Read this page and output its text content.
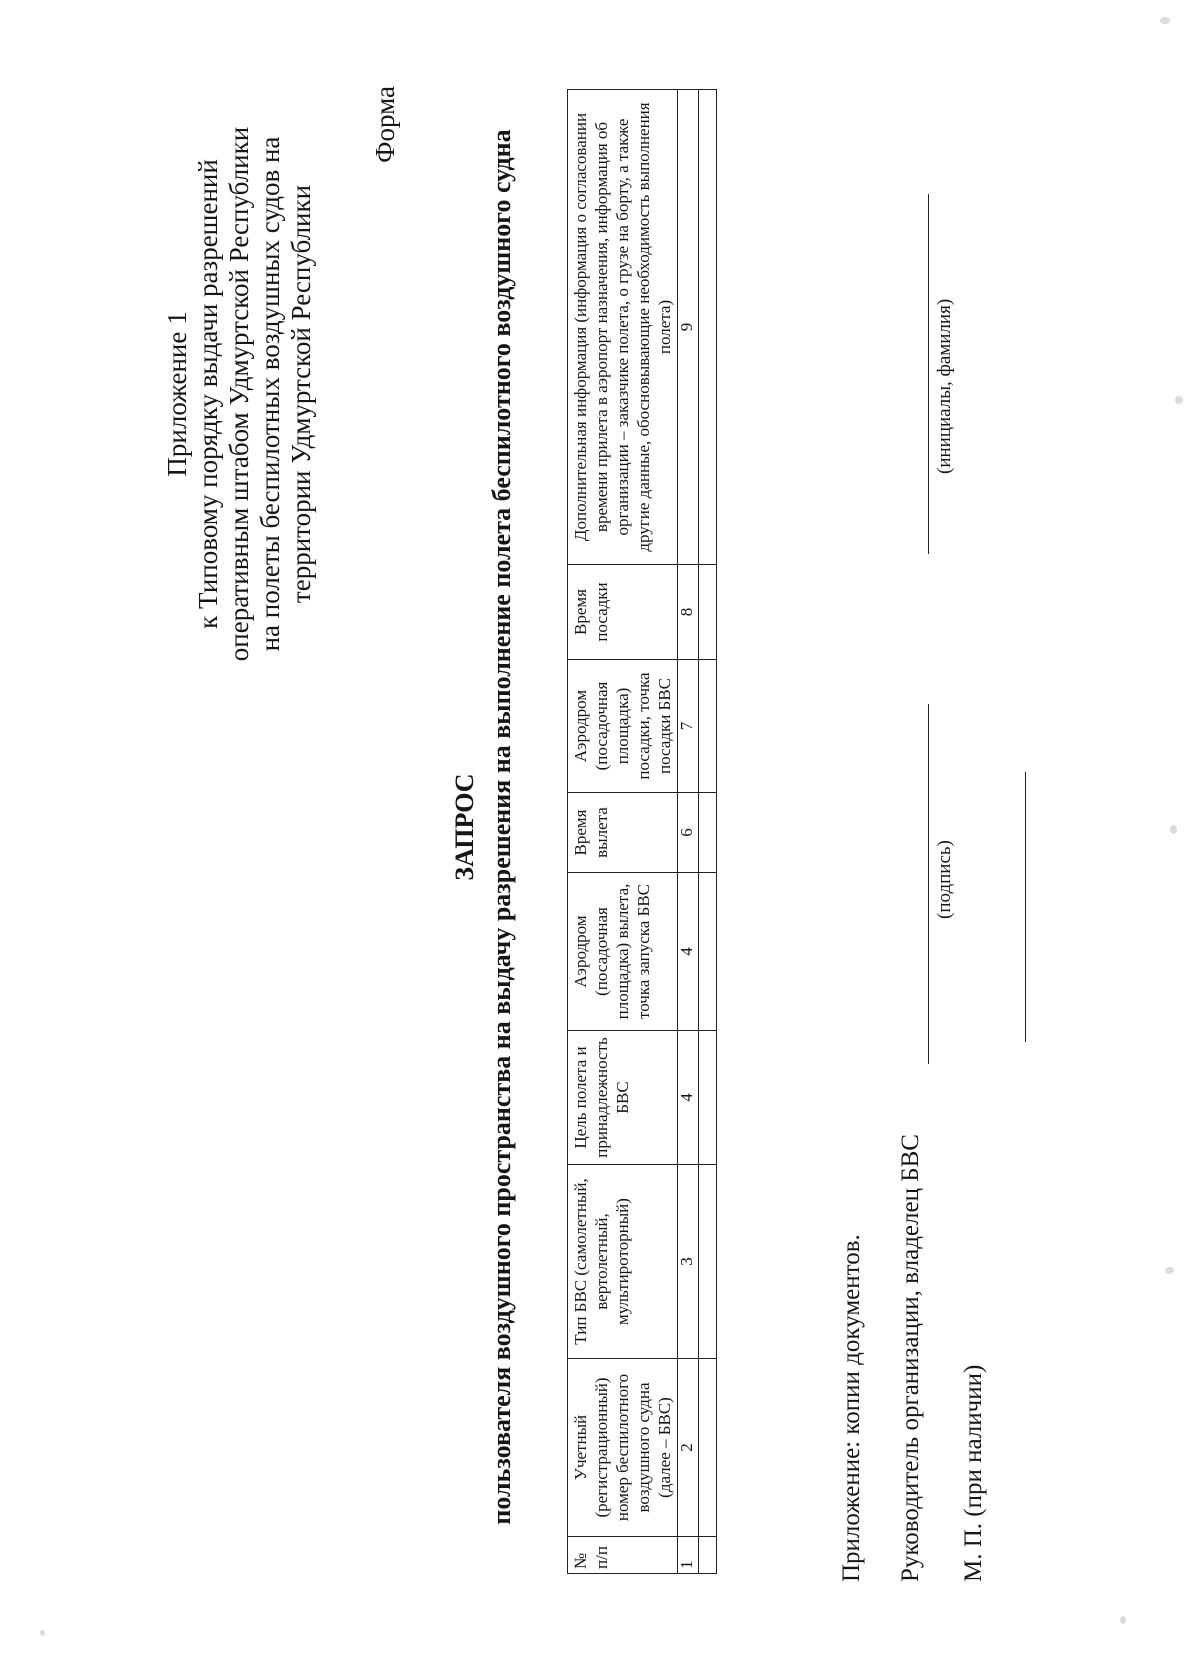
Приложение 1 к Типовому порядку выдачи разрешений оперативным штабом Удмуртской Республики на полеты беспилотных воздушных судов на территории Удмуртской Республики
Форма
ЗАПРОС пользователя воздушного пространства на выдачу разрешения на выполнение полета беспилотного воздушного судна
№ п/п	Учетный (регистрационный) номер беспилотного воздушного судна (далее – БВС)	Тип БВС (самолетный, вертолетный, мультироторный)	Цель полета и принадлежность БВС	Аэродром (посадочная площадка) вылета, точка запуска БВС	Время вылета	Аэродром (посадочная площадка) посадки, точка посадки БВС	Время посадки	Дополнительная информация (информация о согласовании времени прилета в аэропорт назначения, информация об организации – заказчике полета, о грузе на борту, а также другие данные, обосновывающие необходимость выполнения полета)
1	2	3	4	4	6	7	8	9

Приложение: копии документов. Руководитель организации, владелец БВС
(подпись)
(инициалы, фамилия)
М. П. (при наличии)
